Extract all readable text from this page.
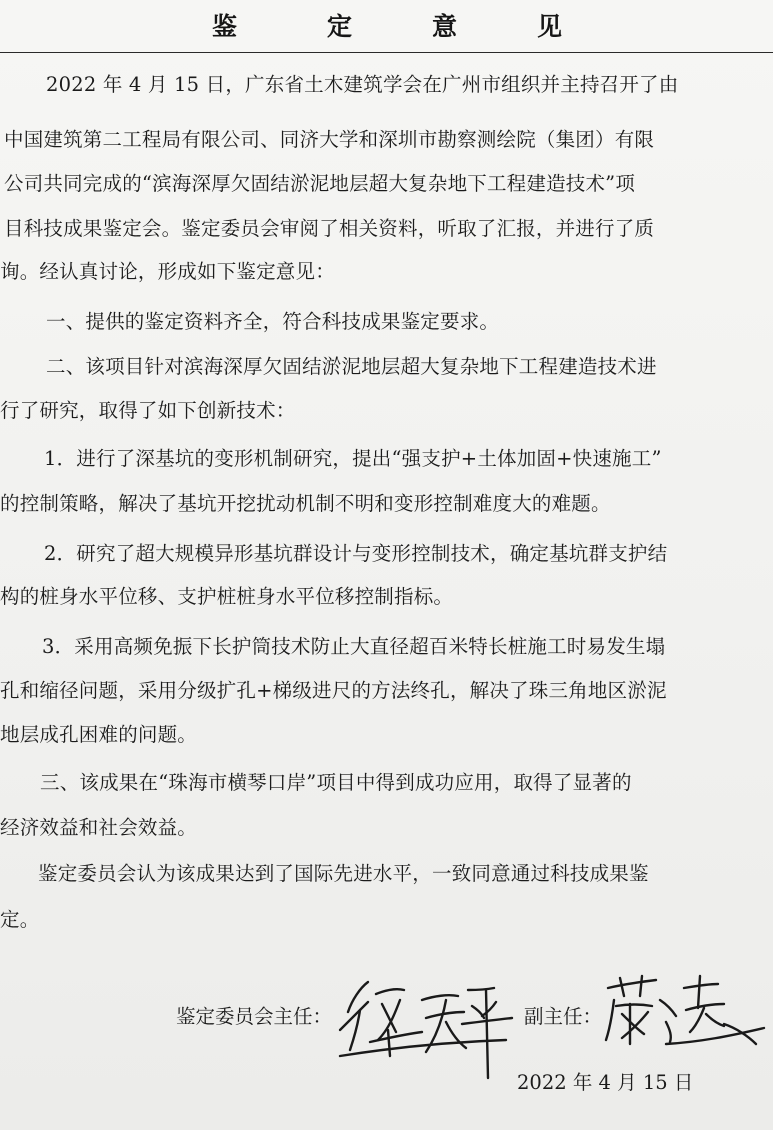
鉴	定	意	见
2022 年 4 月 15 日，广东省土木建筑学会在广州市组织并主持召开了由
中国建筑第二工程局有限公司、同济大学和深圳市勘察测绘院（集团）有限
公司共同完成的“滨海深厚欠固结淤泥地层超大复杂地下工程建造技术”项
目科技成果鉴定会。鉴定委员会审阅了相关资料，听取了汇报，并进行了质
询。经认真讨论，形成如下鉴定意见：
一、提供的鉴定资料齐全，符合科技成果鉴定要求。
二、该项目针对滨海深厚欠固结淤泥地层超大复杂地下工程建造技术进
行了研究，取得了如下创新技术：
1．进行了深基坑的变形机制研究，提出“强支护+土体加固+快速施工”
的控制策略，解决了基坑开挖扰动机制不明和变形控制难度大的难题。
2．研究了超大规模异形基坑群设计与变形控制技术，确定基坑群支护结
构的桩身水平位移、支护桩桩身水平位移控制指标。
3．采用高频免振下长护筒技术防止大直径超百米特长桩施工时易发生塌
孔和缩径问题，采用分级扩孔+梯级进尺的方法终孔，解决了珠三角地区淤泥
地层成孔困难的问题。
三、该成果在“珠海市横琴口岸”项目中得到成功应用，取得了显著的
经济效益和社会效益。
鉴定委员会认为该成果达到了国际先进水平，一致同意通过科技成果鉴
定。
鉴定委员会主任：	副主任：
2022 年 4 月 15 日
